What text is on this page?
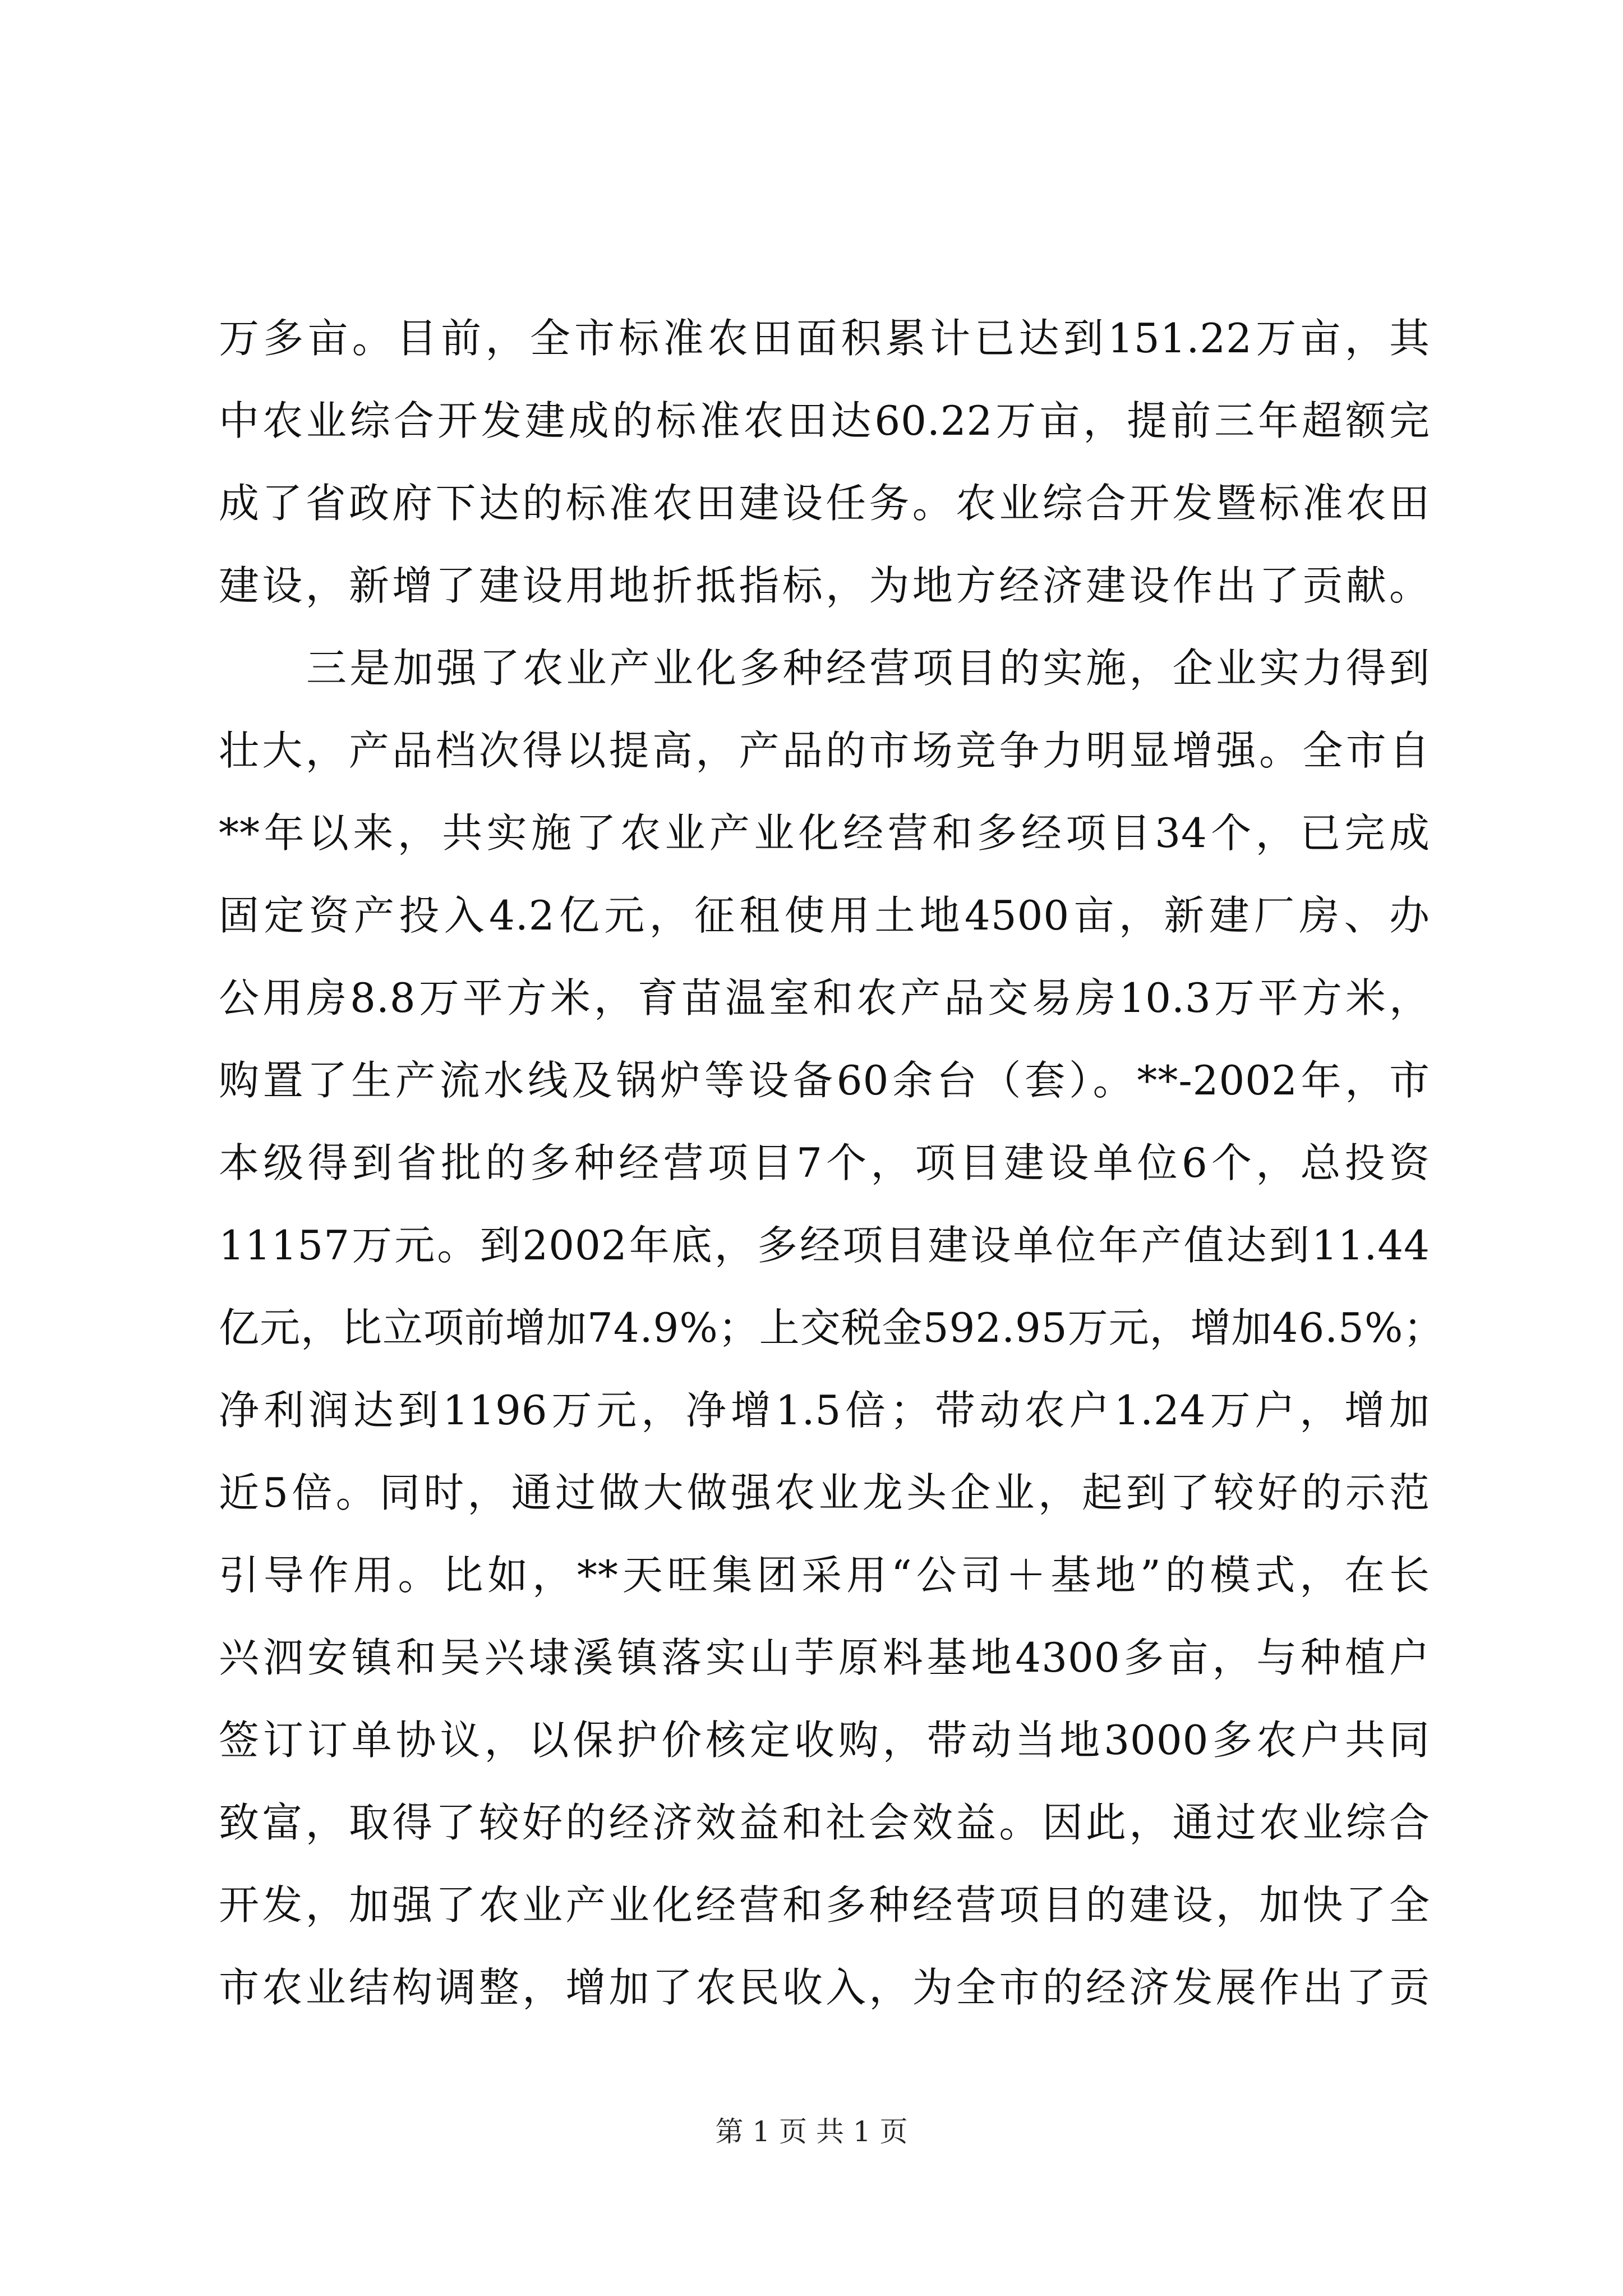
万多亩。目前，全市标准农田面积累计已达到151.22万亩，其
中农业综合开发建成的标准农田达60.22万亩，提前三年超额完
成了省政府下达的标准农田建设任务。农业综合开发暨标准农田
建设，新增了建设用地折抵指标，为地方经济建设作出了贡献。
三是加强了农业产业化多种经营项目的实施，企业实力得到
壮大，产品档次得以提高，产品的市场竞争力明显增强。全市自
**年以来，共实施了农业产业化经营和多经项目34个，已完成
固定资产投入4.2亿元，征租使用土地4500亩，新建厂房、办
公用房8.8万平方米，育苗温室和农产品交易房10.3万平方米，
购置了生产流水线及锅炉等设备60余台（套）。**-2002年，市
本级得到省批的多种经营项目7个，项目建设单位6个，总投资
11157万元。到2002年底，多经项目建设单位年产值达到11.44
亿元，比立项前增加74.9%；上交税金592.95万元，增加46.5%；
净利润达到1196万元，净增1.5倍；带动农户1.24万户，增加
近5倍。同时，通过做大做强农业龙头企业，起到了较好的示范
引导作用。比如，**天旺集团采用“公司＋基地”的模式，在长
兴泗安镇和吴兴埭溪镇落实山芋原料基地4300多亩，与种植户
签订订单协议，以保护价核定收购，带动当地3000多农户共同
致富，取得了较好的经济效益和社会效益。因此，通过农业综合
开发，加强了农业产业化经营和多种经营项目的建设，加快了全
市农业结构调整，增加了农民收入，为全市的经济发展作出了贡
第 1 页 共 1 页
